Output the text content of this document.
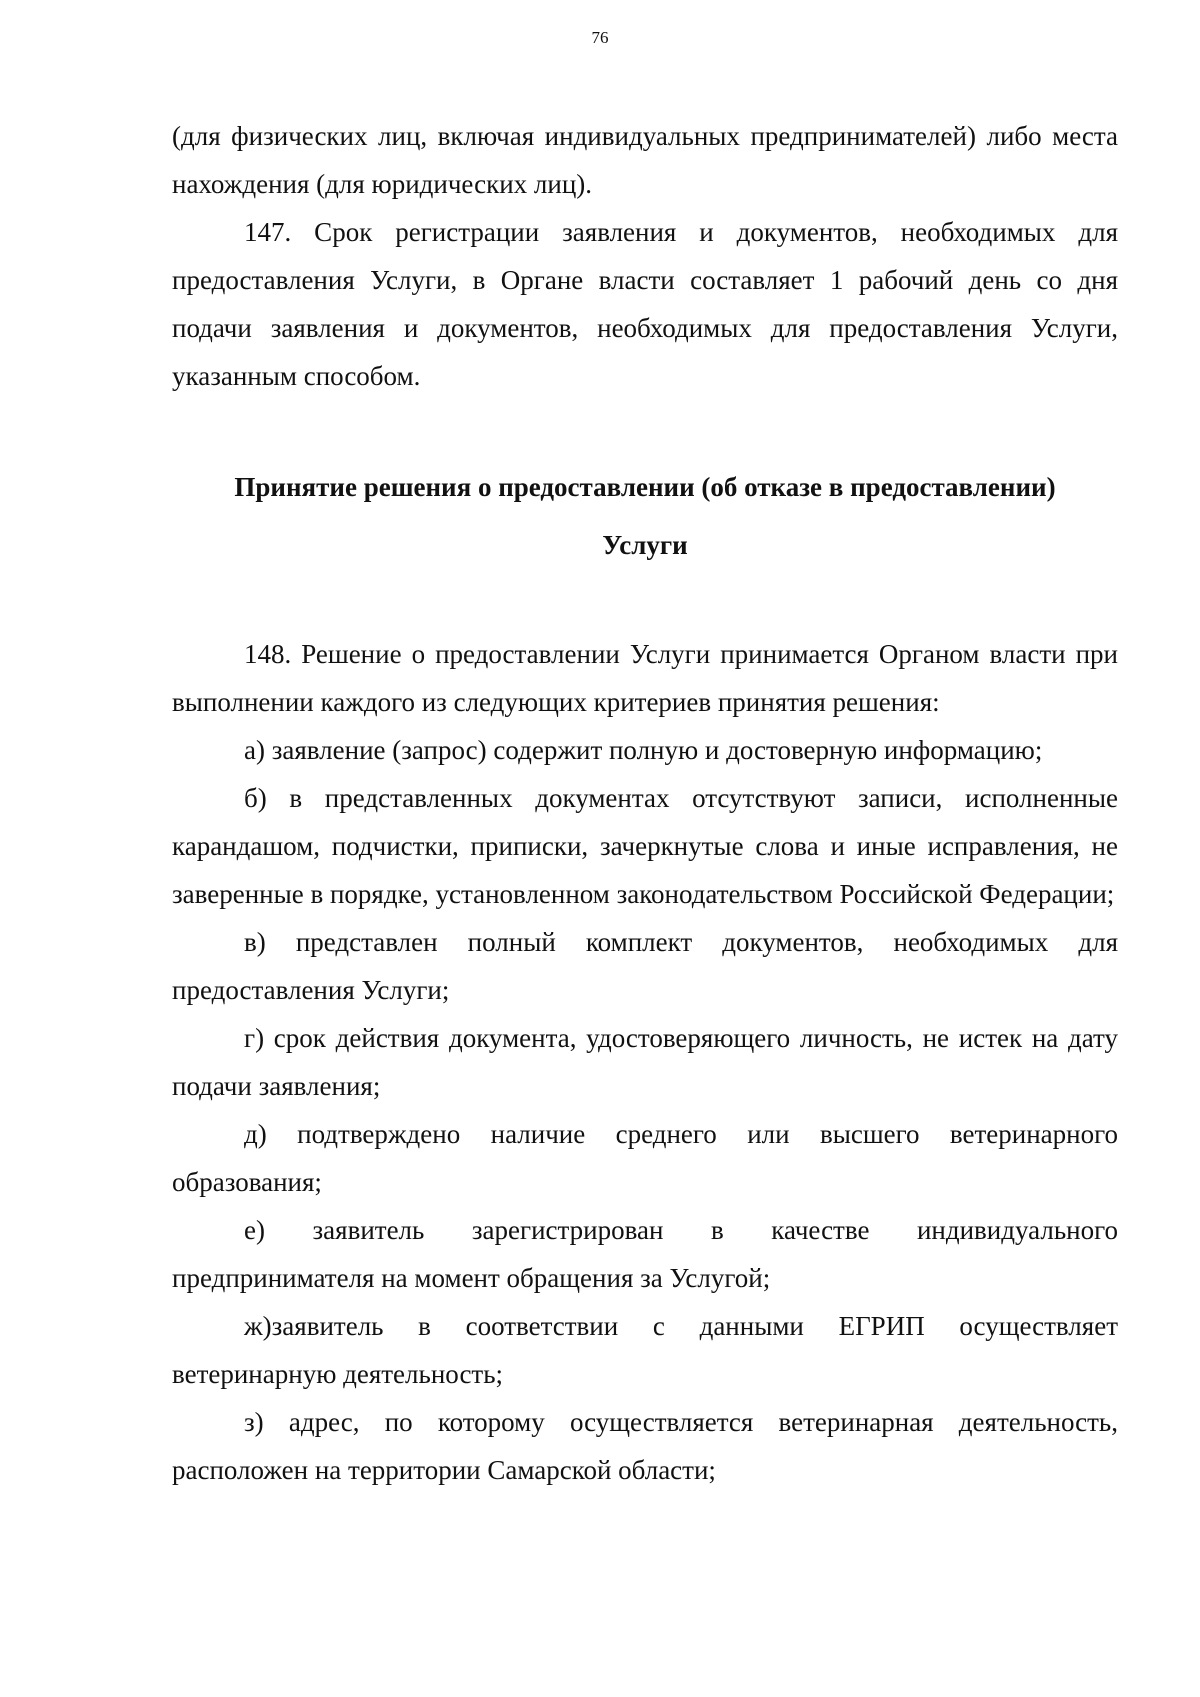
76

(для физических лиц, включая индивидуальных предпринимателей) либо места нахождения (для юридических лиц).

147. Срок регистрации заявления и документов, необходимых для предоставления Услуги, в Органе власти составляет 1 рабочий день со дня подачи заявления и документов, необходимых для предоставления Услуги, указанным способом.

Принятие решения о предоставлении (об отказе в предоставлении)
Услуги

148. Решение о предоставлении Услуги принимается Органом власти при выполнении каждого из следующих критериев принятия решения:

а) заявление (запрос) содержит полную и достоверную информацию;

б) в представленных документах отсутствуют записи, исполненные карандашом, подчистки, приписки, зачеркнутые слова и иные исправления, не заверенные в порядке, установленном законодательством Российской Федерации;

в) представлен полный комплект документов, необходимых для предоставления Услуги;

г) срок действия документа, удостоверяющего личность, не истек на дату подачи заявления;

д) подтверждено наличие среднего или высшего ветеринарного образования;

е) заявитель зарегистрирован в качестве индивидуального предпринимателя на момент обращения за Услугой;

ж)заявитель в соответствии с данными ЕГРИП осуществляет ветеринарную деятельность;

з) адрес, по которому осуществляется ветеринарная деятельность, расположен на территории Самарской области;
